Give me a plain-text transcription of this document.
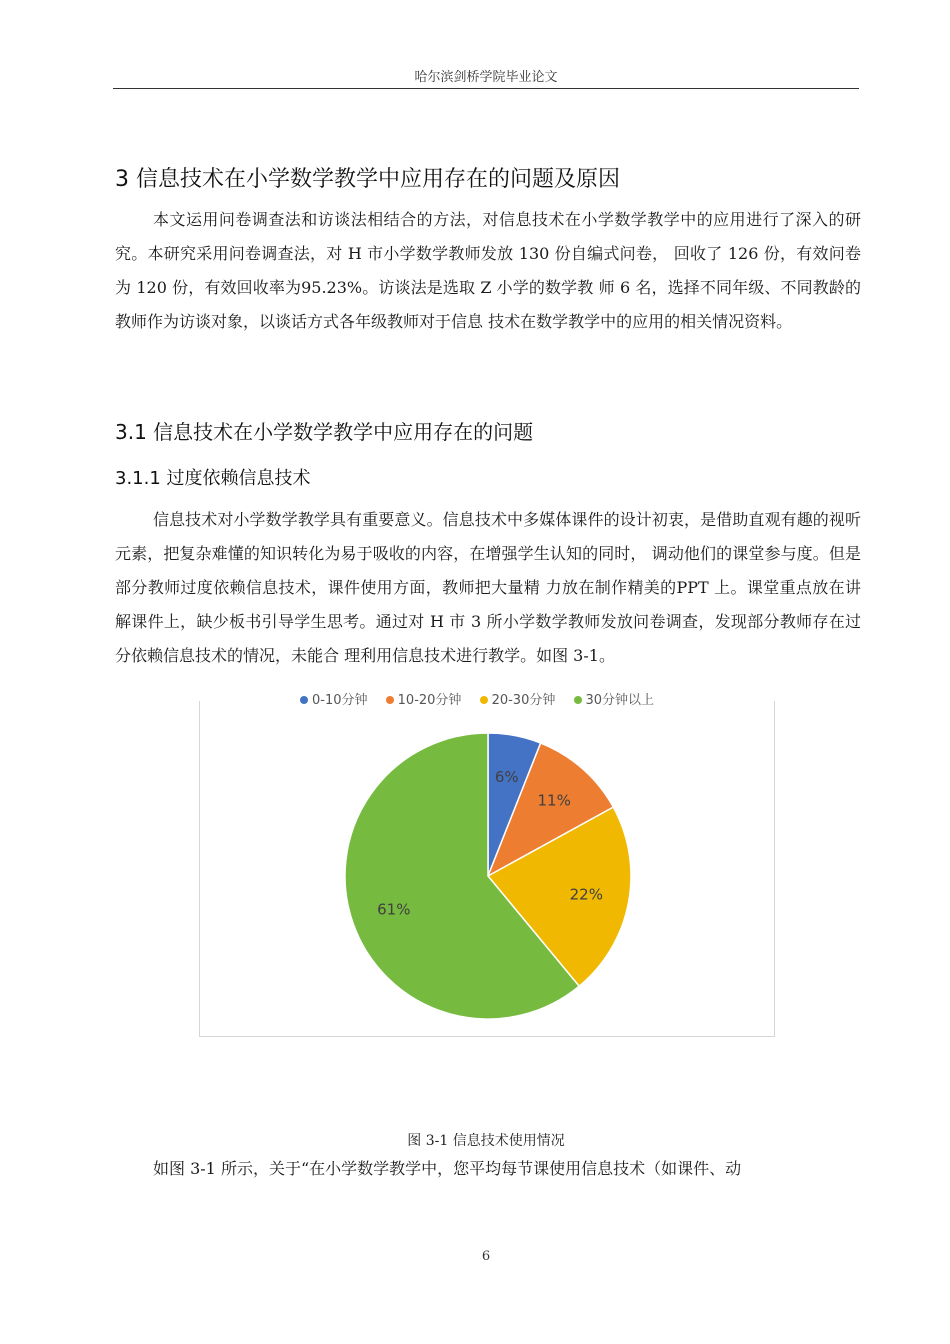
哈尔滨剑桥学院毕业论文
3 信息技术在小学数学教学中应用存在的问题及原因

本文运用问卷调查法和访谈法相结合的方法，对信息技术在小学数学教学中的应用进行了深入的研究。本研究采用问卷调查法，对 H 市小学数学教师发放 130 份自编式问卷， 回收了 126 份，有效问卷为 120 份，有效回收率为95.23%。访谈法是选取 Z 小学的数学教 师 6 名，选择不同年级、不同教龄的教师作为访谈对象，以谈话方式各年级教师对于信息 技术在数学教学中的应用的相关情况资料。

3.1 信息技术在小学数学教学中应用存在的问题
3.1.1 过度依赖信息技术

信息技术对小学数学教学具有重要意义。信息技术中多媒体课件的设计初衷，是借助直观有趣的视听元素，把复杂难懂的知识转化为易于吸收的内容，在增强学生认知的同时， 调动他们的课堂参与度。但是部分教师过度依赖信息技术，课件使用方面，教师把大量精 力放在制作精美的PPT 上。课堂重点放在讲解课件上，缺少板书引导学生思考。通过对 H 市 3 所小学数学教师发放问卷调查，发现部分教师存在过分依赖信息技术的情况，未能合 理利用信息技术进行教学。如图 3-1。

0-10分钟 10-20分钟 20-30分钟 30分钟以上
6%
11%
22%
61%
图 3-1 信息技术使用情况

如图 3-1 所示，关于“在小学数学教学中，您平均每节课使用信息技术（如课件、动

6
